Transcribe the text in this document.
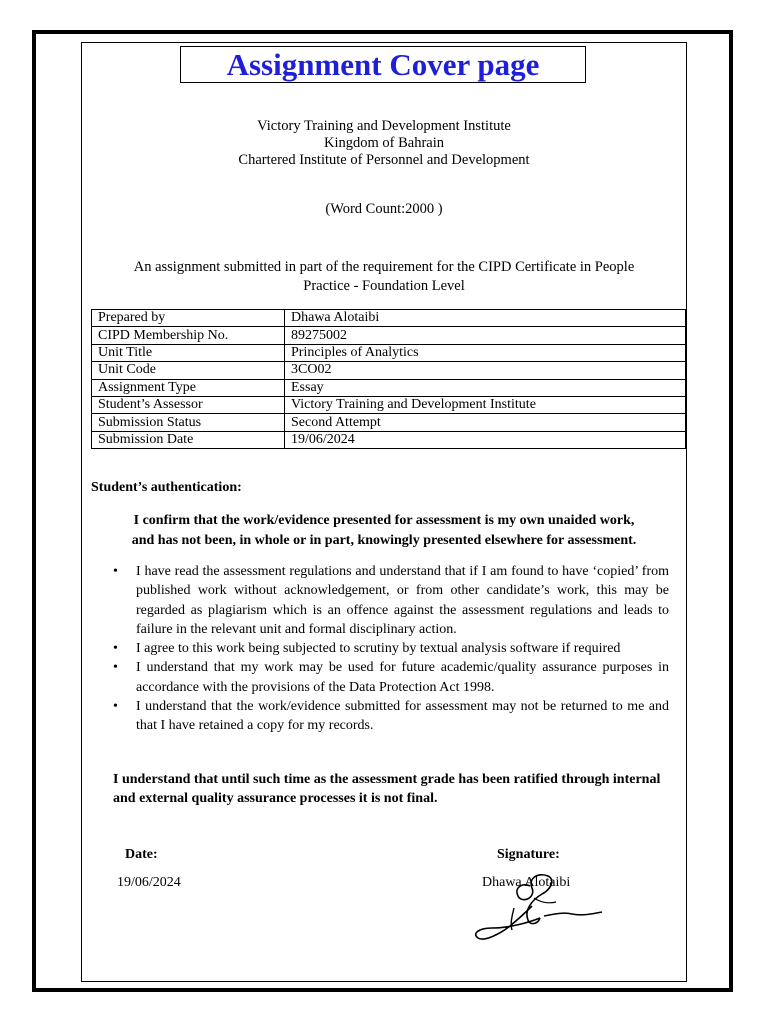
Assignment Cover page
Victory Training and Development Institute
Kingdom of Bahrain
Chartered Institute of Personnel and Development
(Word Count:2000 )
An assignment submitted in part of the requirement for the CIPD Certificate in People
Practice - Foundation Level
Prepared by	Dhawa Alotaibi
CIPD Membership No.	89275002
Unit Title	Principles of Analytics
Unit Code	3CO02
Assignment Type	Essay
Student’s Assessor	Victory Training and Development Institute
Submission Status	Second Attempt
Submission Date	19/06/2024
Student’s authentication:
I confirm that the work/evidence presented for assessment is my own unaided work,
and has not been, in whole or in part, knowingly presented elsewhere for assessment.
• I have read the assessment regulations and understand that if I am found to have ‘copied’ from published work without acknowledgement, or from other candidate’s work, this may be regarded as plagiarism which is an offence against the assessment regulations and leads to failure in the relevant unit and formal disciplinary action.
• I agree to this work being subjected to scrutiny by textual analysis software if required
• I understand that my work may be used for future academic/quality assurance purposes in accordance with the provisions of the Data Protection Act 1998.
• I understand that the work/evidence submitted for assessment may not be returned to me and that I have retained a copy for my records.
I understand that until such time as the assessment grade has been ratified through internal and external quality assurance processes it is not final.
Date:
19/06/2024
Signature:
Dhawa Alotaibi
